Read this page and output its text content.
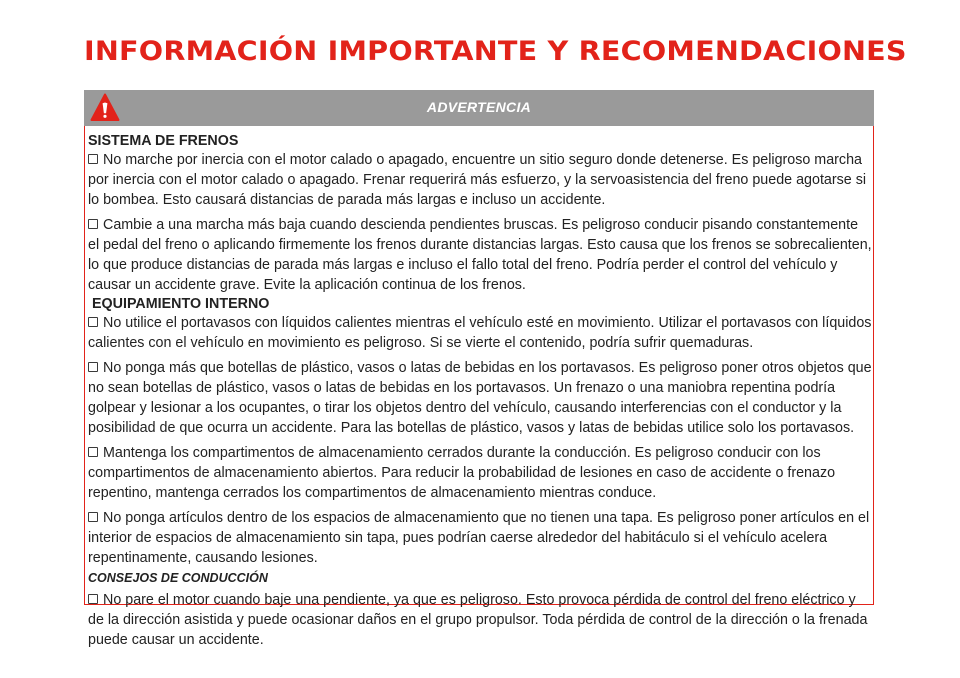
INFORMACIÓN IMPORTANTE Y RECOMENDACIONES
ADVERTENCIA

SISTEMA DE FRENOS

No marche por inercia con el motor calado o apagado, encuentre un sitio seguro donde detenerse. Es peligroso marcha por inercia con el motor calado o apagado. Frenar requerirá más esfuerzo, y la servoasistencia del freno puede agotarse si lo bombea. Esto causará distancias de parada más largas e incluso un accidente.

Cambie a una marcha más baja cuando descienda pendientes bruscas. Es peligroso conducir pisando constantemente el pedal del freno o aplicando firmemente los frenos durante distancias largas. Esto causa que los frenos se sobrecalienten, lo que produce distancias de parada más largas e incluso el fallo total del freno. Podría perder el control del vehículo y causar un accidente grave. Evite la aplicación continua de los frenos.

EQUIPAMIENTO INTERNO

No utilice el portavasos con líquidos calientes mientras el vehículo esté en movimiento. Utilizar el portavasos con líquidos calientes con el vehículo en movimiento es peligroso. Si se vierte el contenido, podría sufrir quemaduras.

No ponga más que botellas de plástico, vasos o latas de bebidas en los portavasos. Es peligroso poner otros objetos que no sean botellas de plástico, vasos o latas de bebidas en los portavasos. Un frenazo o una maniobra repentina podría golpear y lesionar a los ocupantes, o tirar los objetos dentro del vehículo, causando interferencias con el conductor y la posibilidad de que ocurra un accidente. Para las botellas de plástico, vasos y latas de bebidas utilice solo los portavasos.

Mantenga los compartimentos de almacenamiento cerrados durante la conducción. Es peligroso conducir con los compartimentos de almacenamiento abiertos. Para reducir la probabilidad de lesiones en caso de accidente o frenazo repentino, mantenga cerrados los compartimentos de almacenamiento mientras conduce.

No ponga artículos dentro de los espacios de almacenamiento que no tienen una tapa. Es peligroso poner artículos en el interior de espacios de almacenamiento sin tapa, pues podrían caerse alrededor del habitáculo si el vehículo acelera repentinamente, causando lesiones.

CONSEJOS DE CONDUCCIÓN

No pare el motor cuando baje una pendiente, ya que es peligroso. Esto provoca pérdida de control del freno eléctrico y de la dirección asistida y puede ocasionar daños en el grupo propulsor. Toda pérdida de control de la dirección o la frenada puede causar un accidente.
